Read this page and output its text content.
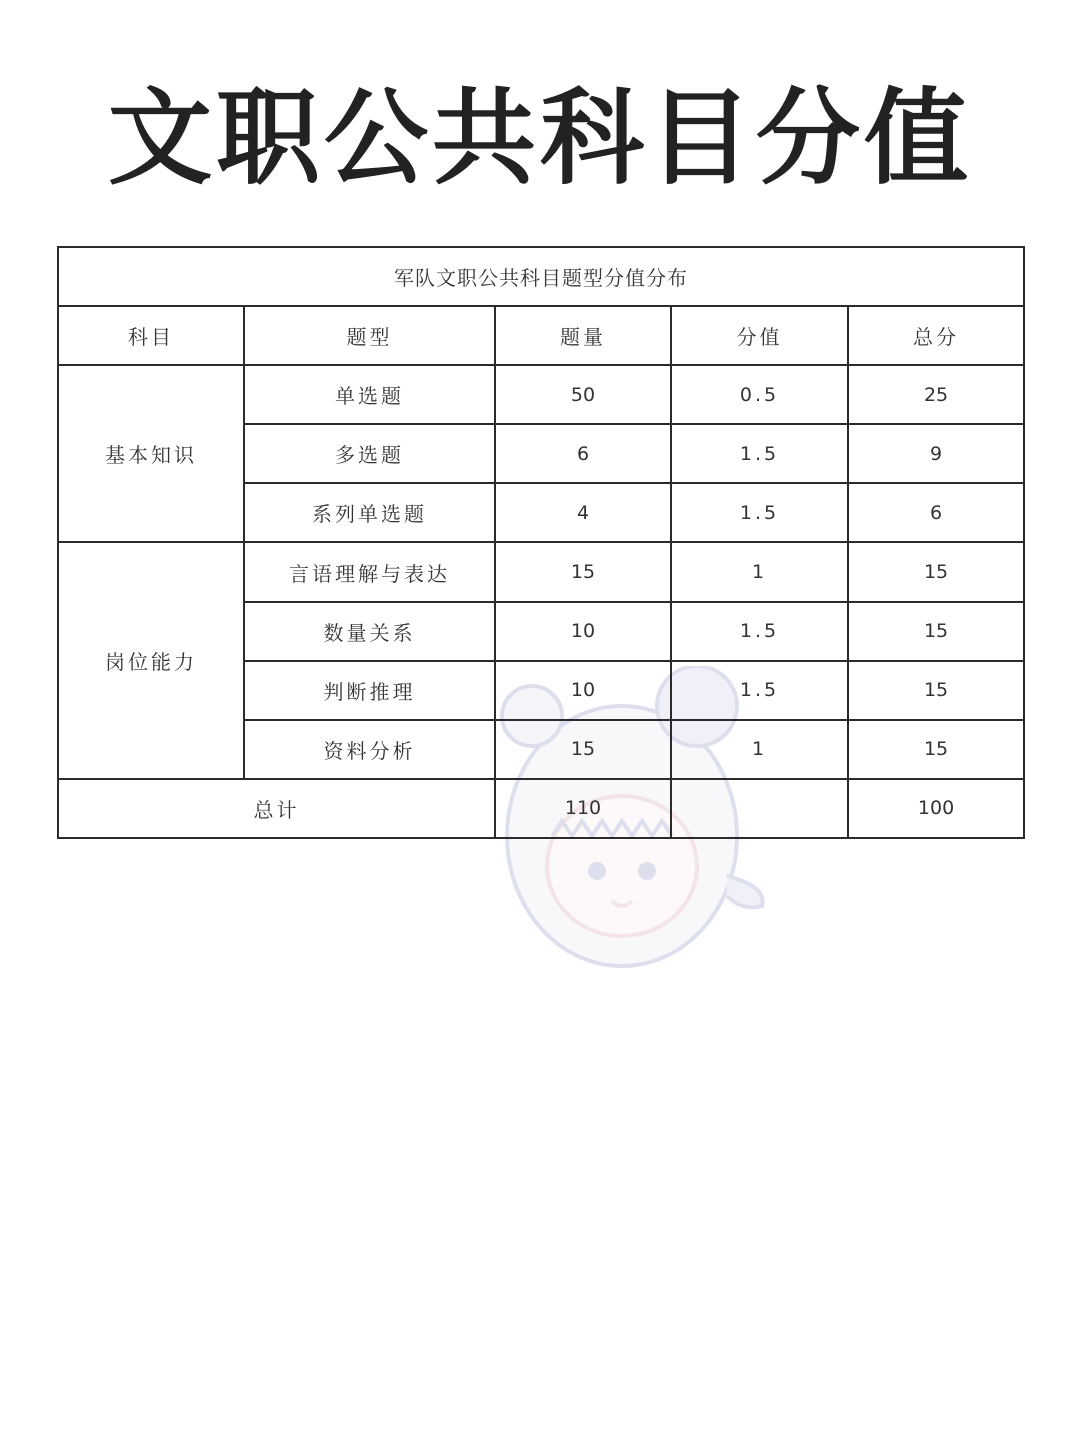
文职公共科目分值
军队文职公共科目题型分值分布				
科目	题型	题量	分值	总分
基本知识	单选题	50	0.5	25
	多选题	6	1.5	9
	系列单选题	4	1.5	6
岗位能力	言语理解与表达	15	1	15
	数量关系	10	1.5	15
	判断推理	10	1.5	15
	资料分析	15	1	15
总计		110		100
